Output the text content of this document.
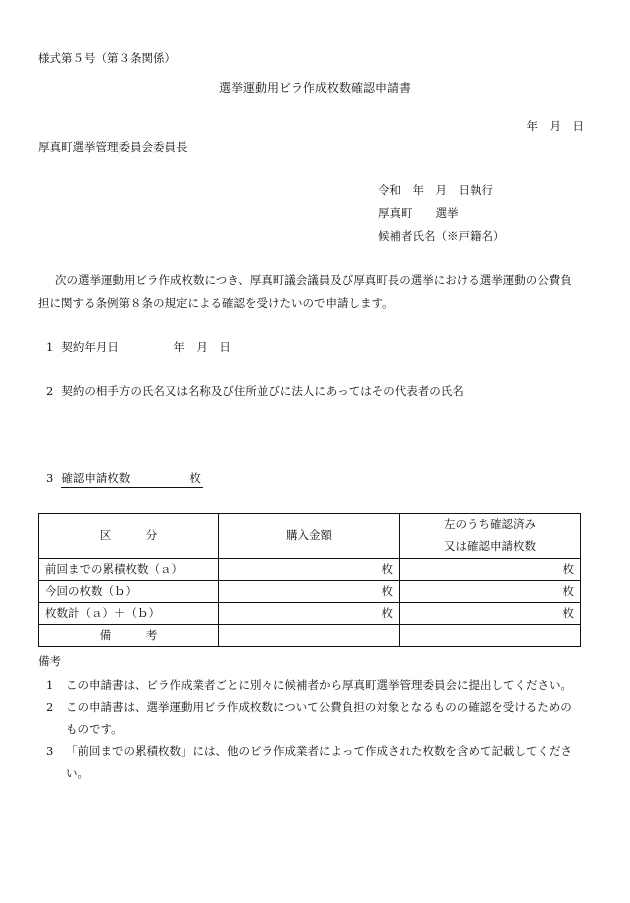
様式第５号（第３条関係）
選挙運動用ビラ作成枚数確認申請書
年　月　日
厚真町選挙管理委員会委員長
令和　年　月　日執行
厚真町　　選挙
候補者氏名（※戸籍名）
次の選挙運動用ビラ作成枚数につき、厚真町議会議員及び厚真町長の選挙における選挙運動の公費負
担に関する条例第８条の規定による確認を受けたいので申請します。
1 契約年月日	年　月　日
2 契約の相手方の氏名又は名称及び住所並びに法人にあってはその代表者の氏名
3 確認申請枚数	枚
区　　　分	購入金額	左のうち確認済み
又は確認申請枚数

前回までの累積枚数（ａ）	枚	枚
今回の枚数（ｂ）	枚	枚
枚数計（ａ）＋（ｂ）	枚	枚
備　　　考		
備考
1 この申請書は、ビラ作成業者ごとに別々に候補者から厚真町選挙管理委員会に提出してください。
2 この申請書は、選挙運動用ビラ作成枚数について公費負担の対象となるものの確認を受けるための
ものです。
3 「前回までの累積枚数」には、他のビラ作成業者によって作成された枚数を含めて記載してくださ
い。
